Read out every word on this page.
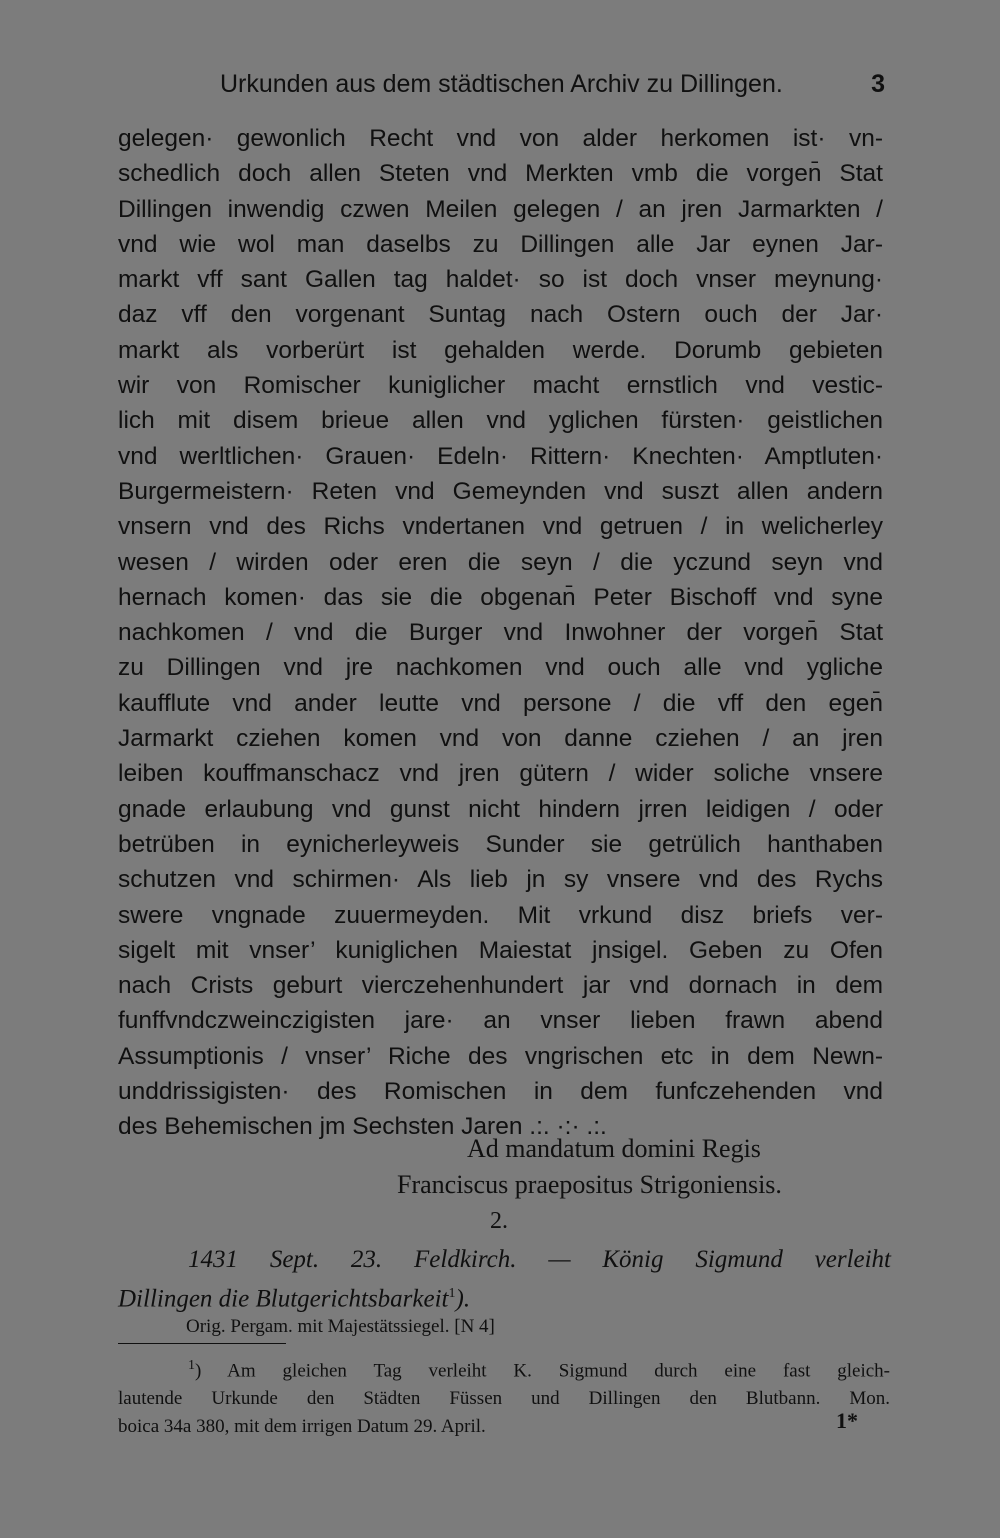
Urkunden aus dem städtischen Archiv zu Dillingen.	3
gelegen· gewonlich Recht vnd von alder herkomen ist· vn-
schedlich doch allen Steten vnd Merkten vmb die vorgen̄ Stat
Dillingen inwendig czwen Meilen gelegen / an jren Jarmarkten /
vnd wie wol man daselbs zu Dillingen alle Jar eynen Jar-
markt vff sant Gallen tag haldet· so ist doch vnser meynung·
daz vff den vorgenant Suntag nach Ostern ouch der Jar·
markt als vorberürt ist gehalden werde. Dorumb gebieten
wir von Romischer kuniglicher macht ernstlich vnd vestic-
lich mit disem brieue allen vnd yglichen fürsten· geistlichen
vnd werltlichen· Grauen· Edeln· Rittern· Knechten· Amptluten·
Burgermeistern· Reten vnd Gemeynden vnd suszt allen andern
vnsern vnd des Richs vndertanen vnd getruen / in welicherley
wesen / wirden oder eren die seyn / die yczund seyn vnd
hernach komen· das sie die obgenan̄ Peter Bischoff vnd syne
nachkomen / vnd die Burger vnd Inwohner der vorgen̄ Stat
zu Dillingen vnd jre nachkomen vnd ouch alle vnd ygliche
kaufflute vnd ander leutte vnd persone / die vff den egen̄
Jarmarkt cziehen komen vnd von danne cziehen / an jren
leiben kouffmanschacz vnd jren gütern / wider soliche vnsere
gnade erlaubung vnd gunst nicht hindern jrren leidigen / oder
betrüben in eynicherleyweis Sunder sie getrülich hanthaben
schutzen vnd schirmen· Als lieb jn sy vnsere vnd des Rychs
swere vngnade zuuermeyden. Mit vrkund disz briefs ver-
sigelt mit vnser’ kuniglichen Maiestat jnsigel. Geben zu Ofen
nach Crists geburt vierczehenhundert jar vnd dornach in dem
funffvndczweinczigisten jare· an vnser lieben frawn abend
Assumptionis / vnser’ Riche des vngrischen etc in dem Newn-
unddrissigisten· des Romischen in dem funfczehenden vnd
des Behemischen jm Sechsten Jaren .:. ·:· .:.
Ad mandatum domini Regis
Franciscus praepositus Strigoniensis.
2.
1431 Sept. 23. Feldkirch. — König Sigmund verleiht
Dillingen die Blutgerichtsbarkeit$^1$).
Orig. Pergam. mit Majestätssiegel. [N 4]
$^1$) Am gleichen Tag verleiht K. Sigmund durch eine fast gleich-
lautende Urkunde den Städten Füssen und Dillingen den Blutbann. Mon.
boica 34a 380, mit dem irrigen Datum 29. April.	1*
